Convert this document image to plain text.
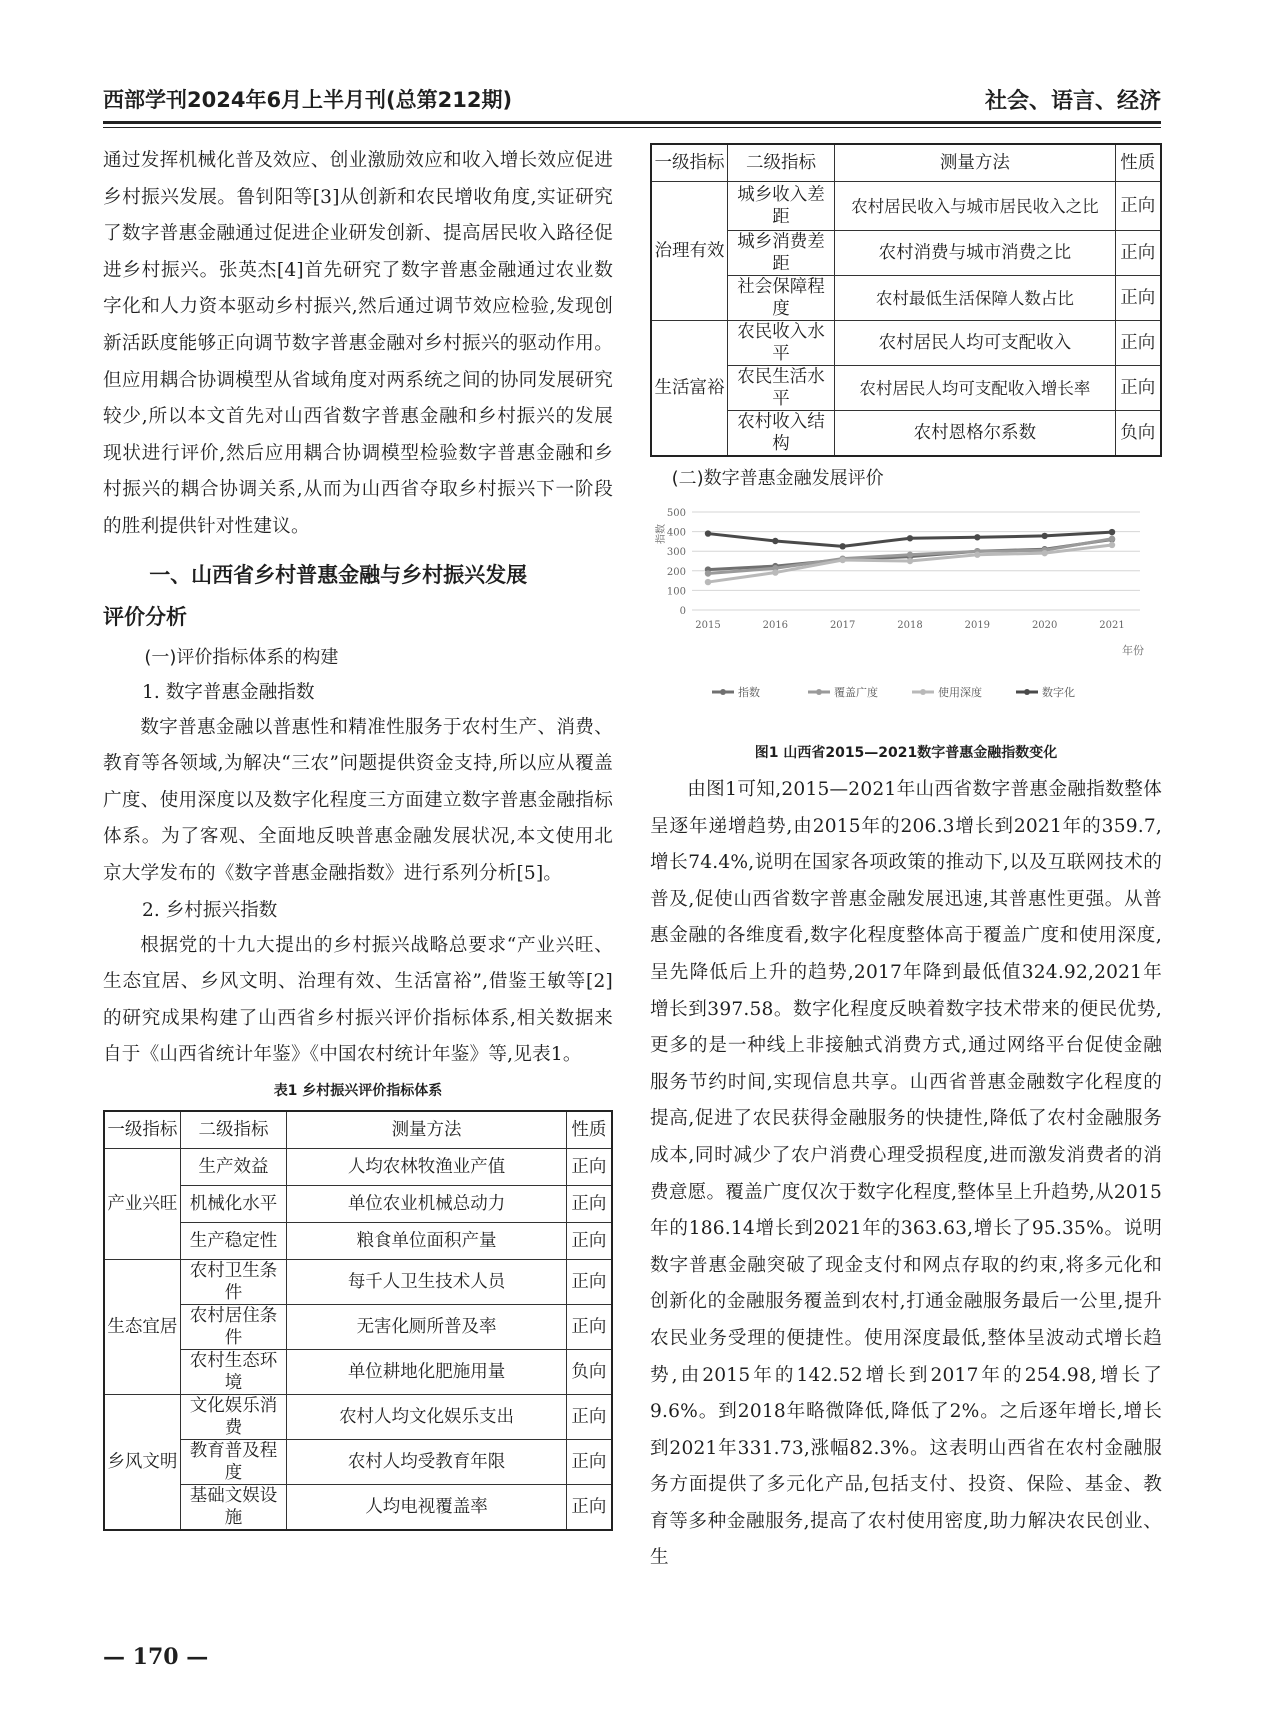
西部学刊2024年6月上半月刊(总第212期)	社会、语言、经济

通过发挥机械化普及效应、创业激励效应和收入增长效应促进乡村振兴发展。鲁钊阳等[3]从创新和农民增收角度,实证研究了数字普惠金融通过促进企业研发创新、提高居民收入路径促进乡村振兴。张英杰[4]首先研究了数字普惠金融通过农业数字化和人力资本驱动乡村振兴,然后通过调节效应检验,发现创新活跃度能够正向调节数字普惠金融对乡村振兴的驱动作用。但应用耦合协调模型从省域角度对两系统之间的协同发展研究较少,所以本文首先对山西省数字普惠金融和乡村振兴的发展现状进行评价,然后应用耦合协调模型检验数字普惠金融和乡村振兴的耦合协调关系,从而为山西省夺取乡村振兴下一阶段的胜利提供针对性建议。

一、山西省乡村普惠金融与乡村振兴发展
评价分析
(一)评价指标体系的构建
1. 数字普惠金融指数

数字普惠金融以普惠性和精准性服务于农村生产、消费、教育等各领域,为解决“三农”问题提供资金支持,所以应从覆盖广度、使用深度以及数字化程度三方面建立数字普惠金融指标体系。为了客观、全面地反映普惠金融发展状况,本文使用北京大学发布的《数字普惠金融指数》进行系列分析[5]。

2. 乡村振兴指数

根据党的十九大提出的乡村振兴战略总要求“产业兴旺、生态宜居、乡风文明、治理有效、生活富裕”,借鉴王敏等[2]的研究成果构建了山西省乡村振兴评价指标体系,相关数据来自于《山西省统计年鉴》《中国农村统计年鉴》等,见表1。

表1 乡村振兴评价指标体系
一级指标	二级指标	测量方法	性质
产业兴旺	生产效益	人均农林牧渔业产值	正向
	机械化水平	单位农业机械总动力	正向
	生产稳定性	粮食单位面积产量	正向
生态宜居	农村卫生条件	每千人卫生技术人员	正向
	农村居住条件	无害化厕所普及率	正向
	农村生态环境	单位耕地化肥施用量	负向
乡风文明	文化娱乐消费	农村人均文化娱乐支出	正向
	教育普及程度	农村人均受教育年限	正向
	基础文娱设施	人均电视覆盖率	正向
一级指标	二级指标	测量方法	性质
治理有效	城乡收入差距	农村居民收入与城市居民收入之比	正向
	城乡消费差距	农村消费与城市消费之比	正向
	社会保障程度	农村最低生活保障人数占比	正向
生活富裕	农民收入水平	农村居民人均可支配收入	正向
	农民生活水平	农村居民人均可支配收入增长率	正向
	农村收入结构	农村恩格尔系数	负向
(二)数字普惠金融发展评价
0
100
200
300
400
500
指数
2015	2016	2017	2018	2019	2020	2021
年份
指数	覆盖广度	使用深度	数字化
图1 山西省2015—2021数字普惠金融指数变化

由图1可知,2015—2021年山西省数字普惠金融指数整体呈逐年递增趋势,由2015年的206.3增长到2021年的359.7,增长74.4%,说明在国家各项政策的推动下,以及互联网技术的普及,促使山西省数字普惠金融发展迅速,其普惠性更强。从普惠金融的各维度看,数字化程度整体高于覆盖广度和使用深度,呈先降低后上升的趋势,2017年降到最低值324.92,2021年增长到397.58。数字化程度反映着数字技术带来的便民优势,更多的是一种线上非接触式消费方式,通过网络平台促使金融服务节约时间,实现信息共享。山西省普惠金融数字化程度的提高,促进了农民获得金融服务的快捷性,降低了农村金融服务成本,同时减少了农户消费心理受损程度,进而激发消费者的消费意愿。覆盖广度仅次于数字化程度,整体呈上升趋势,从2015年的186.14增长到2021年的363.63,增长了95.35%。说明数字普惠金融突破了现金支付和网点存取的约束,将多元化和创新化的金融服务覆盖到农村,打通金融服务最后一公里,提升农民业务受理的便捷性。使用深度最低,整体呈波动式增长趋势,由2015年的142.52增长到2017年的254.98,增长了9.6%。到2018年略微降低,降低了2%。之后逐年增长,增长到2021年331.73,涨幅82.3%。这表明山西省在农村金融服务方面提供了多元化产品,包括支付、投资、保险、基金、教育等多种金融服务,提高了农村使用密度,助力解决农民创业、生

— 170 —
